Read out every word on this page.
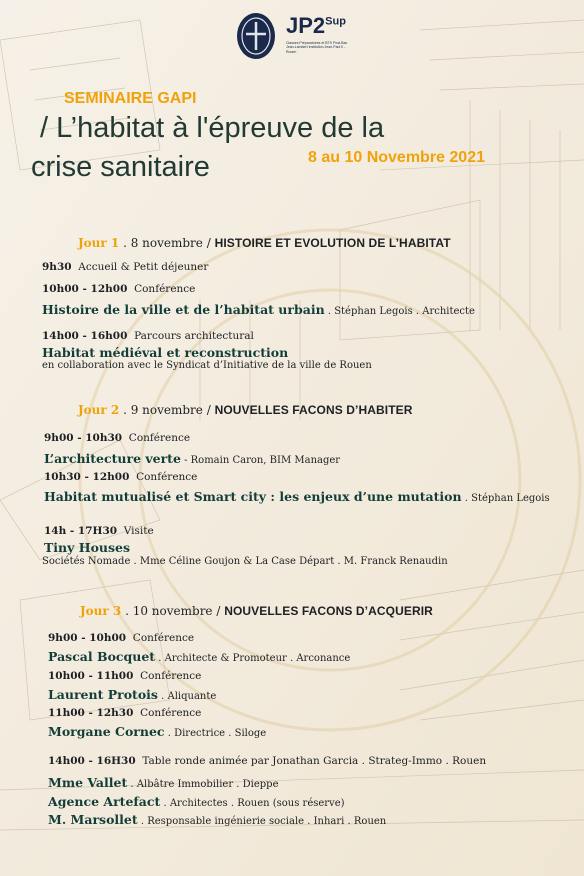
$JP2^{Sup}$
Classes Préparatoires et BTS Post-Bac Jean-Lambert Institution Jean-Paul II - Rouen
SEMINAIRE GAPI
/ L’habitat à l'épreuve de la
crise sanitaire	8 au 10 Novembre 2021
Jour 1 . 8 novembre / HISTOIRE ET EVOLUTION DE L’HABITAT
9h30 Accueil & Petit déjeuner
10h00 - 12h00 Conférence
Histoire de la ville et de l’habitat urbain . Stéphan Legois . Architecte
14h00 - 16h00 Parcours architectural
Habitat médiéval et reconstruction
en collaboration avec le Syndicat d’Initiative de la ville de Rouen
Jour 2 . 9 novembre / NOUVELLES FACONS D’HABITER
9h00 - 10h30 Conférence
L’architecture verte - Romain Caron, BIM Manager
10h30 - 12h00 Conférence
Habitat mutualisé et Smart city : les enjeux d’une mutation . Stéphan Legois
14h - 17H30 Visite
Tiny Houses
Sociétés Nomade . Mme Céline Goujon & La Case Départ . M. Franck Renaudin
Jour 3 . 10 novembre / NOUVELLES FACONS D’ACQUERIR
9h00 - 10h00 Conférence
Pascal Bocquet . Architecte & Promoteur . Arconance
10h00 - 11h00 Conférence
Laurent Protois . Aliquante
11h00 - 12h30 Conférence
Morgane Cornec . Directrice . Siloge
14h00 - 16H30 Table ronde animée par Jonathan Garcia . Strateg-Immo . Rouen
Mme Vallet . Albâtre Immobilier . Dieppe
Agence Artefact . Architectes . Rouen (sous réserve)
M. Marsollet . Responsable ingénierie sociale . Inhari . Rouen
